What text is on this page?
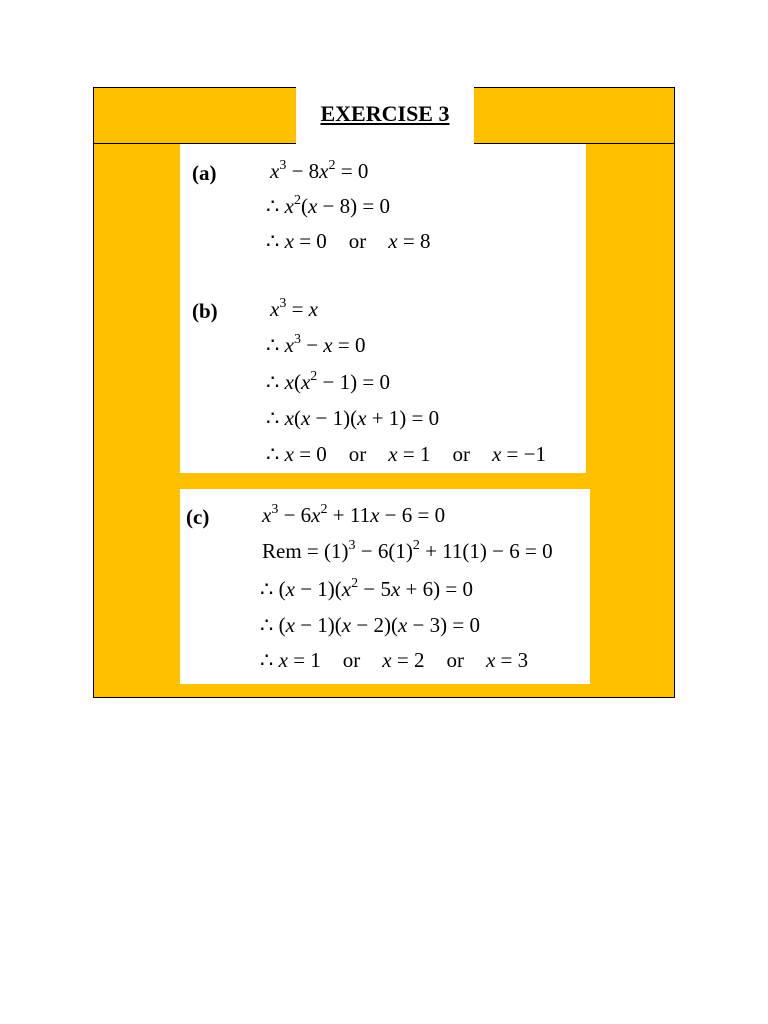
EXERCISE 3
(a)	$x^3 - 8x^2 = 0$
∴ $x^2(x - 8) = 0$
∴ x = 0 or x = 8
(b) $x^3 = x$
∴ $x^3 - x = 0$
∴ $x(x^2 - 1) = 0$
∴ x(x − 1)(x + 1) = 0
∴ x = 0 or x = 1 or x = −1
(c)	$x^3 - 6x^2 + 11x - 6 = 0$
Rem = $(1)^3 - 6(1)^2 + 11(1) - 6 = 0$
∴ $(x - 1)(x^2 - 5x + 6) = 0$
∴ (x − 1)(x − 2)(x − 3) = 0
∴ x = 1 or x = 2 or x = 3
